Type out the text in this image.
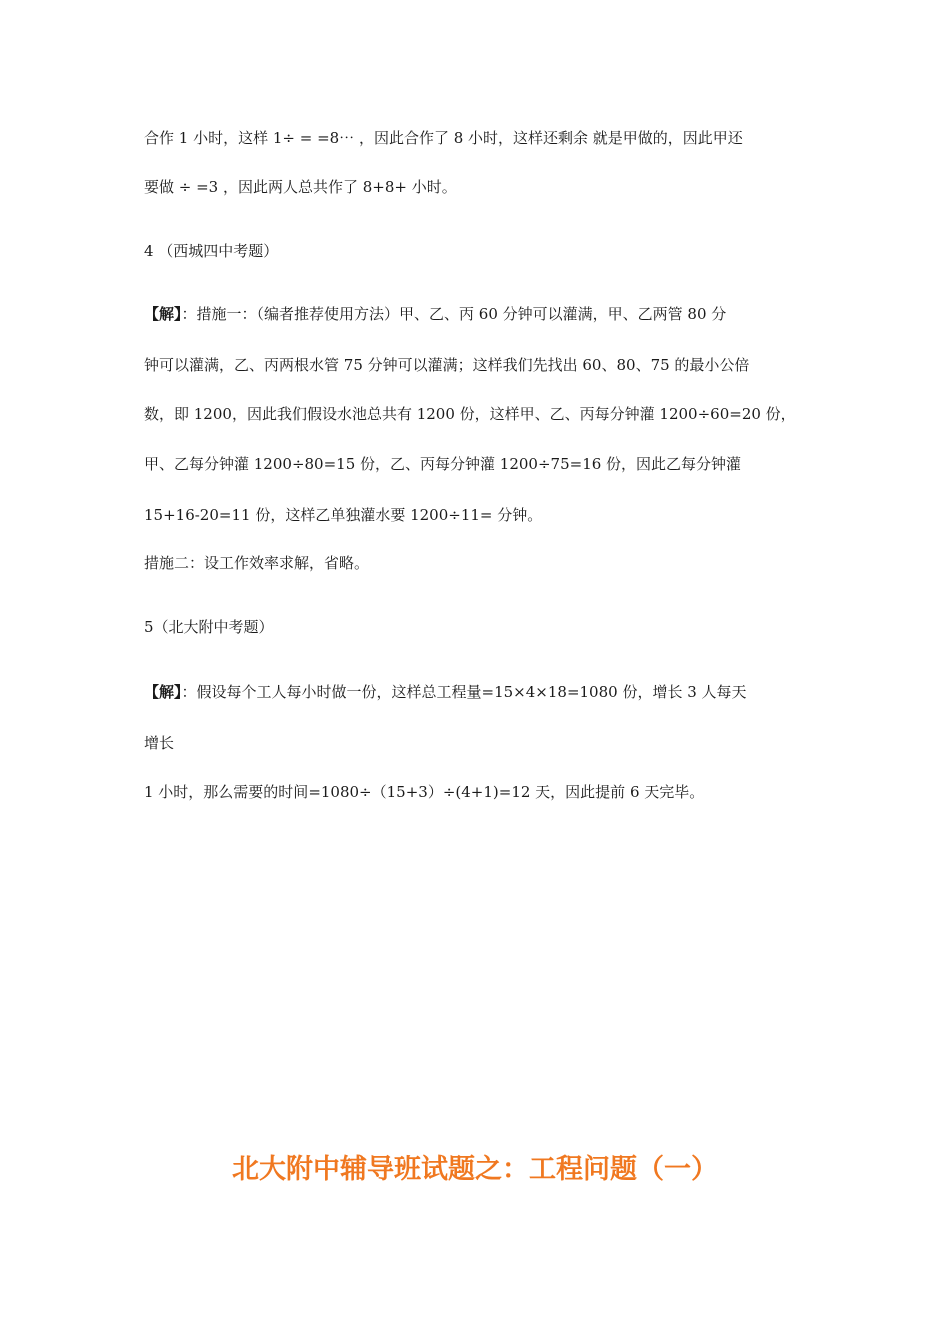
合作 1 小时，这样 1÷ = =8⋯ ，因此合作了 8 小时，这样还剩余 就是甲做的，因此甲还
要做 ÷ =3 ，因此两人总共作了 8+8+ 小时。
4 （西城四中考题）
【解】：措施一：（编者推荐使用方法）甲、乙、丙 60 分钟可以灌满，甲、乙两管 80 分
钟可以灌满，乙、丙两根水管 75 分钟可以灌满；这样我们先找出 60、80、75 的最小公倍
数，即 1200，因此我们假设水池总共有 1200 份，这样甲、乙、丙每分钟灌 1200÷60=20 份，
甲、乙每分钟灌 1200÷80=15 份，乙、丙每分钟灌 1200÷75=16 份，因此乙每分钟灌
15+16-20=11 份，这样乙单独灌水要 1200÷11= 分钟。
措施二：设工作效率求解，省略。
5（北大附中考题）
【解】：假设每个工人每小时做一份，这样总工程量=15×4×18=1080 份，增长 3 人每天
增长
1 小时，那么需要的时间=1080÷（15+3）÷(4+1)=12 天，因此提前 6 天完毕。
北大附中辅导班试题之：工程问题（一）
